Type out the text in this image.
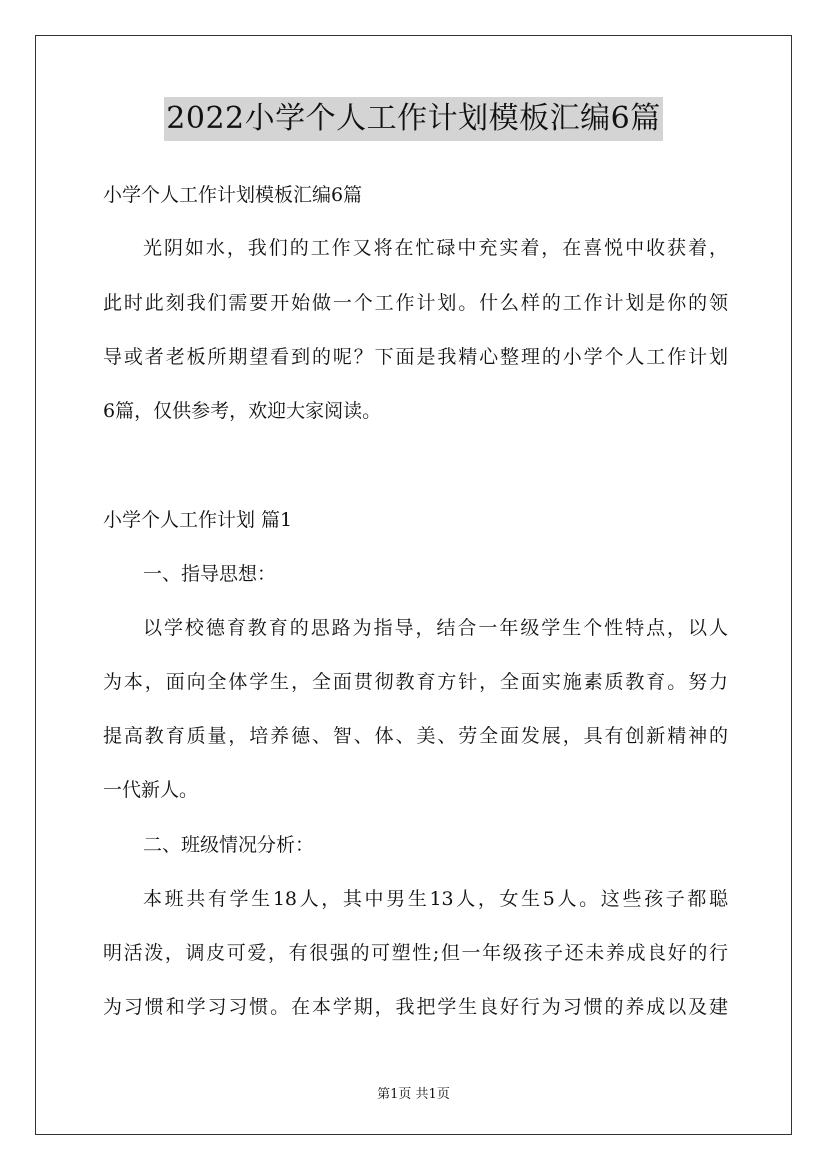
2022小学个人工作计划模板汇编6篇

小学个人工作计划模板汇编6篇

光阴如水，我们的工作又将在忙碌中充实着，在喜悦中收获着，

此时此刻我们需要开始做一个工作计划。什么样的工作计划是你的领

导或者老板所期望看到的呢？下面是我精心整理的小学个人工作计划

6篇，仅供参考，欢迎大家阅读。

小学个人工作计划 篇1

一、指导思想：

以学校德育教育的思路为指导，结合一年级学生个性特点，以人

为本，面向全体学生，全面贯彻教育方针，全面实施素质教育。努力

提高教育质量，培养德、智、体、美、劳全面发展，具有创新精神的

一代新人。

二、班级情况分析：

本班共有学生18人，其中男生13人，女生5人。这些孩子都聪

明活泼，调皮可爱，有很强的可塑性;但一年级孩子还未养成良好的行

为习惯和学习习惯。在本学期，我把学生良好行为习惯的养成以及建

第1页 共1页
